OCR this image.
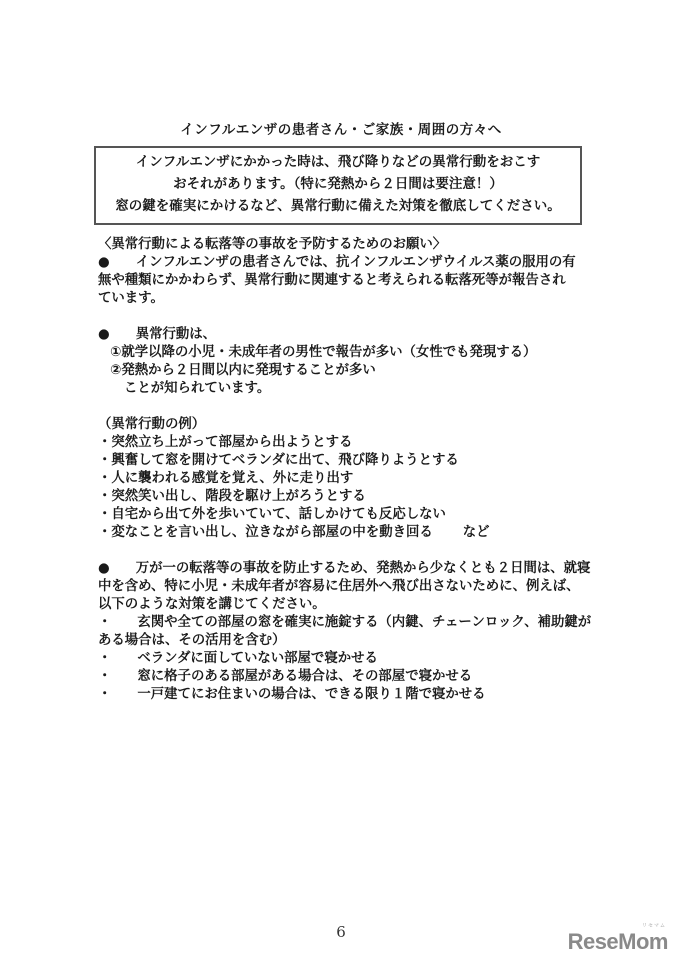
インフルエンザの患者さん・ご家族・周囲の方々へ
インフルエンザにかかった時は、飛び降りなどの異常行動をおこす
おそれがあります。（特に発熱から２日間は要注意！）
窓の鍵を確実にかけるなど、異常行動に備えた対策を徹底してください。
〈異常行動による転落等の事故を予防するためのお願い〉
● インフルエンザの患者さんでは、抗インフルエンザウイルス薬の服用の有
無や種類にかかわらず、異常行動に関連すると考えられる転落死等が報告され
ています。
● 異常行動は、
①就学以降の小児・未成年者の男性で報告が多い（女性でも発現する）
②発熱から２日間以内に発現することが多い
ことが知られています。
（異常行動の例）
・突然立ち上がって部屋から出ようとする
・興奮して窓を開けてベランダに出て、飛び降りようとする
・人に襲われる感覚を覚え、外に走り出す
・突然笑い出し、階段を駆け上がろうとする
・自宅から出て外を歩いていて、話しかけても反応しない
・変なことを言い出し、泣きながら部屋の中を動き回る など
● 万が一の転落等の事故を防止するため、発熱から少なくとも２日間は、就寝
中を含め、特に小児・未成年者が容易に住居外へ飛び出さないために、例えば、
以下のような対策を講じてください。
・ 玄関や全ての部屋の窓を確実に施錠する（内鍵、チェーンロック、補助鍵が
ある場合は、その活用を含む）
・ ベランダに面していない部屋で寝かせる
・ 窓に格子のある部屋がある場合は、その部屋で寝かせる
・ 一戸建てにお住まいの場合は、できる限り１階で寝かせる
6	リセマム
ReseMom
